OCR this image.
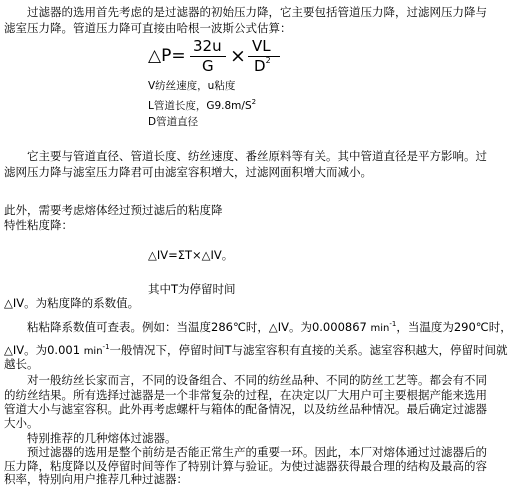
　　过滤器的选用首先考虑的是过滤器的初始压力降，它主要包括管道压力降，过滤网压力降与
滤室压力降。管道压力降可直接由哈根一波斯公式估算：
△P= 32u
G × VL
$D^2$
V纺丝速度，u粘度
L管道长度，$G9.8m/S^2$
D管道直径
　　它主要与管道直径、管道长度、纺丝速度、番丝原料等有关。其中管道直径是平方影响。过
滤网压力降与滤室压力降君可由滤室容积增大，过滤网面积增大而减小。
此外，需要考虑熔体经过预过滤后的粘度降
特性粘度降：
△IV=ΣT×△IV。
其中T为停留时间
△IV。为粘度降的系数值。
　　粘粘降系数值可查表。例如：当温度286℃时，△IV。为0.000867 $\min^{-1}$，当温度为290℃时，
△IV。为0.001 $\min^{-1}$一般情况下，停留时间T与滤室容积有直接的关系。滤室容积越大，停留时间就
越长。
　　对一般纺丝长家而言，不同的设备组合、不同的纺丝品种、不同的防丝工艺等。都会有不同
的纺丝结果。所有选择过滤器是一个非常复杂的过程，在决定以厂大用户可主要根据产能来选用
管道大小与滤室容积。此外再考虑螺杆与箱体的配备情况，以及纺丝品种情况。最后确定过滤器
大小。
　　特别推荐的几种熔体过滤器。
　　预过滤器的选用是整个前纺是否能正常生产的重要一环。因此，本厂对熔体通过过滤器后的
压力降，粘度降以及停留时间等作了特别计算与验证。为使过滤器获得最合理的结构及最高的容
积率，特别向用户推荐几种过滤器：
